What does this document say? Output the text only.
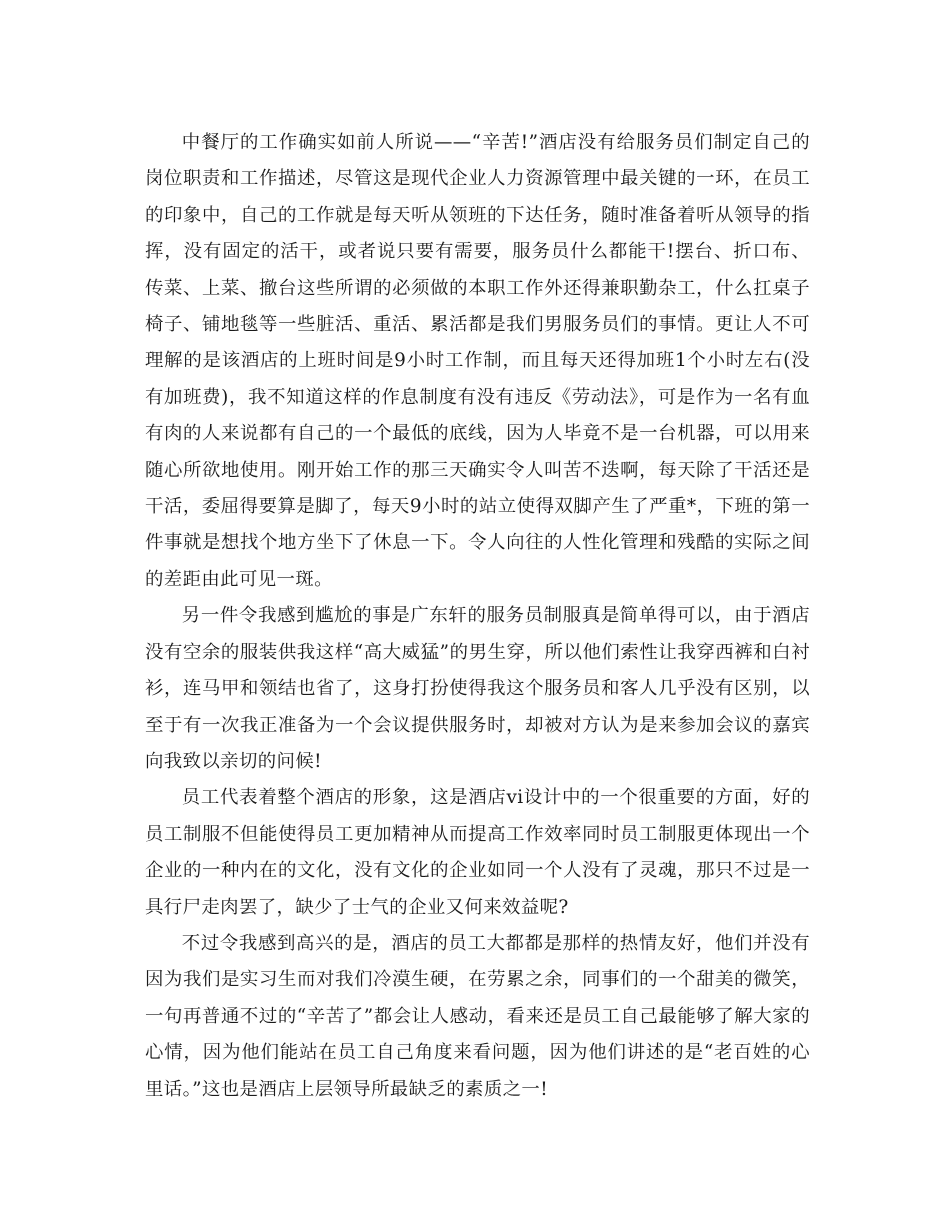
中餐厅的工作确实如前人所说——“辛苦!”酒店没有给服务员们制定自己的岗位职责和工作描述，尽管这是现代企业人力资源管理中最关键的一环，在员工的印象中，自己的工作就是每天听从领班的下达任务，随时准备着听从领导的指挥，没有固定的活干，或者说只要有需要，服务员什么都能干!摆台、折口布、传菜、上菜、撤台这些所谓的必须做的本职工作外还得兼职勤杂工，什么扛桌子椅子、铺地毯等一些脏活、重活、累活都是我们男服务员们的事情。更让人不可理解的是该酒店的上班时间是9小时工作制，而且每天还得加班1个小时左右(没有加班费)，我不知道这样的作息制度有没有违反《劳动法》，可是作为一名有血有肉的人来说都有自己的一个最低的底线，因为人毕竟不是一台机器，可以用来随心所欲地使用。刚开始工作的那三天确实令人叫苦不迭啊，每天除了干活还是干活，委屈得要算是脚了，每天9小时的站立使得双脚产生了严重*，下班的第一件事就是想找个地方坐下了休息一下。令人向往的人性化管理和残酷的实际之间的差距由此可见一斑。

另一件令我感到尴尬的事是广东轩的服务员制服真是简单得可以，由于酒店没有空余的服装供我这样“高大威猛”的男生穿，所以他们索性让我穿西裤和白衬衫，连马甲和领结也省了，这身打扮使得我这个服务员和客人几乎没有区别，以至于有一次我正准备为一个会议提供服务时，却被对方认为是来参加会议的嘉宾向我致以亲切的问候!

员工代表着整个酒店的形象，这是酒店vi设计中的一个很重要的方面，好的员工制服不但能使得员工更加精神从而提高工作效率同时员工制服更体现出一个企业的一种内在的文化，没有文化的企业如同一个人没有了灵魂，那只不过是一具行尸走肉罢了，缺少了士气的企业又何来效益呢?

不过令我感到高兴的是，酒店的员工大都都是那样的热情友好，他们并没有因为我们是实习生而对我们冷漠生硬，在劳累之余，同事们的一个甜美的微笑，一句再普通不过的“辛苦了”都会让人感动，看来还是员工自己最能够了解大家的心情，因为他们能站在员工自己角度来看问题，因为他们讲述的是“老百姓的心里话。”这也是酒店上层领导所最缺乏的素质之一!
